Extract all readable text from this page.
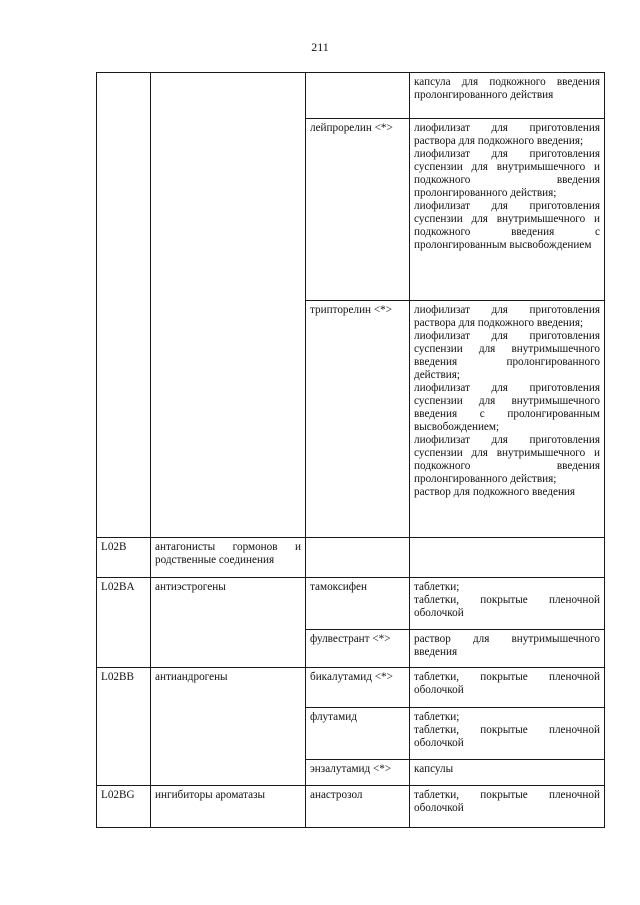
211

			капсула для подкожного введения пролонгированного действия

		лейпрорелин <*>	лиофилизат для приготовления раствора для подкожного введения;
лиофилизат для приготовления суспензии для внутримышечного и подкожного введения пролонгированного действия;
лиофилизат для приготовления суспензии для внутримышечного и подкожного введения с пролонгированным высвобождением

		трипторелин <*>	лиофилизат для приготовления раствора для подкожного введения;
лиофилизат для приготовления суспензии для внутримышечного введения пролонгированного действия;
лиофилизат для приготовления суспензии для внутримышечного введения с пролонгированным высвобождением;
лиофилизат для приготовления суспензии для внутримышечного и подкожного введения пролонгированного действия;
раствор для подкожного введения

L02B	антагонисты гормонов и родственные соединения		
L02BA	антиэстрогены	тамоксифен	таблетки;
таблетки, покрытые пленочной оболочкой

		фулвестрант <*>	раствор для внутримышечного введения

L02BB	антиандрогены	бикалутамид <*>	таблетки, покрытые пленочной оболочкой

		флутамид	таблетки;
таблетки, покрытые пленочной оболочкой

		энзалутамид <*>	капсулы

L02BG	ингибиторы ароматазы	анастрозол	таблетки, покрытые пленочной оболочкой
